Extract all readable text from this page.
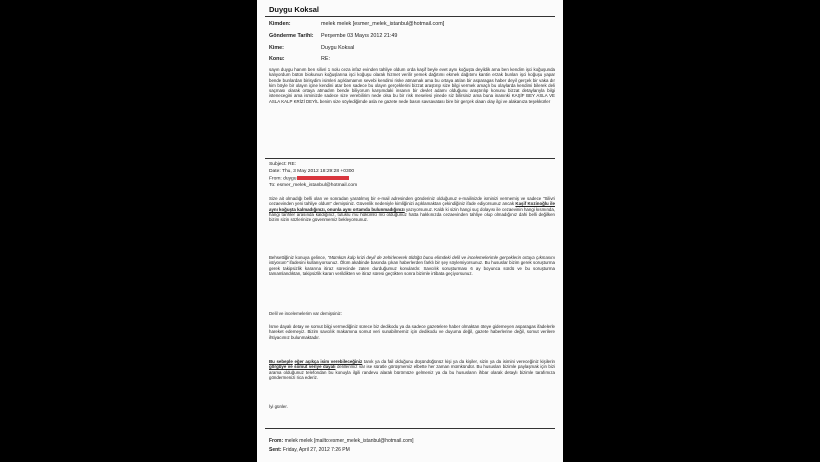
Duygu Koksal
Kimden:	melek melek [esmer_melek_istanbul@hotmail.com]
Gönderme Tarihi: Perşembe 03 Mayıs 2012 21:49
Kime:	Duygu Koksal
Konu:	RE:
sayın duygu hanım ben silivri 1 nolu ceza infaz evinden tahliye oldum orda kaşif beyle evet aynı koğuşta deyildik ama ben kendim işci koğuşunda kalıyordum bütün biokunun koğuşlarına işci koğuşu olarak hizmet verilir yemek dağıtımı ekmek dağıtımı kantin erzak bunları işci koğuşu yapar bende bunlardan birisydim isimleri açıklamamın sevebi kendimi riske atmamak ama bu ortaya atılan bir asparagas haber deyil gerçek bir vaka dır kim böyle bir olayın içine kendini atar ben sadece bu olayın gerçeklerini bizzat araştırıp size bilgi vermek amaçlı bu olaylarda kendimi bilerek deli saçması olarak ortaya atmadım bende biliyorum karşımdaki insanın bir devlet adamı olduğunu araştırılıp konunu bizzat detaylarıyla bilgi istenecegini ama isminizde sadece size verebilirim nede olsa bu bir risk meselesi yinede siz bilirsiniz ama buna inanınki KAŞİF BEY ASLA VE ASLA KALP KRİZİ DEYİL benim size söylediğimde asla ne gazete nede basın savsavatası bire bir gerçek olaan olay ilgi ve alakanıza teşekkürler
Subject: RE:
Date: Thu, 3 May 2012 18:29:28 +0300
From: duygu
To: esmer_melek_istanbul@hotmail.com
Size ait olmadığı belli olan ve sonradan yaratılmış bir e-mail adresinden gönderiniz olduğunuz e-mailinizde isminizi vermemiş ve sadece "Silivri cezaevinden yeni tahliye oldum" demişsiniz. Güvenlik nedeniyle kimliğinizi açıklamaktan çekindiğiniz ifade ediyorsunuz ancak Kaşif Kozinoğlu ile aynı koğuşta kalmadığınızı, onunla aynı ortamda bulunmadığınızı yazıyorsunuz. Kaldı ki sizin hangi suç dolayısı ile cezaevinin hangi kısmında, hangi tarihler arasında kaldığınız, tutuklu mu hükümlü mü olduğunuz hatta hakkınızda cezaevinden tahliye olup olmadığınız dahi belli değilken bizim sizin sözlerinize güvenmemiz bekleyorsunuz.
Behsettiğiniz konuya gelince, "Mümkün kalp krizi deyil de zehirlenerek öldüğü bunu elimdeki delil ve incelemelerimle gerçeklerin ortaya çıkmasını istiyorum" ifadesini kullanıyorsunuz. Ölüm akabinde basında çıkan haberlerden farklı bir şey söylemiyorsunuz. Bu hususlar bizim gerek soruşturma gerek takipsizlik kararına itiraz sürecinde zaten durduğumuz konulardır. Savcılık soruşturması 6 ay boyunca sürdü ve bu soruşturma tamamlandıktan, takipsizlik kararı verildikten ve itiraz süresi geçtikten sonra bizimle irtibata geçiyorsunuz.
Delil ve incelemelerim var demişsiniz:
İsme dayalı detay ve somut bilgi vermediğiniz sürece biz dedikodu ya da sadece gazetelere haber olmaktan öteye gidemeyen asparagas ifadelerle hareket edemeyiz. Bizim savcılık makamına somut veri sunabilmemiz için dedikodu ve duyuma değil, gazete haberlerine değil, somut verilere ihtiyacımız bulunmaktadır.
Bu sebeple eğer açıkça isim verebileceğiniz tanık ya da fail olduğunu düşündüğünüz kişi ya da kişiler, sizin ya da isimini vereceğiniz kişilerin görgüye ve somut veriye dayalı delillerimiz var ise süratle görüşmemiz elbette her zaman mümkündür. Bu hususları bizimle paylaşmak için bizi arama olduğunuz telefondan bu konuyla ilgili randevu alarak bürömüze gelmeniz ya da bu hususların ihbar olarak detaylı bizimle tarafımıza göndermenizi rica ederiz.
İyi günler.
From: melek melek [mailto:esmer_melek_istanbul@hotmail.com]
Sent: Friday, April 27, 2012 7:26 PM
